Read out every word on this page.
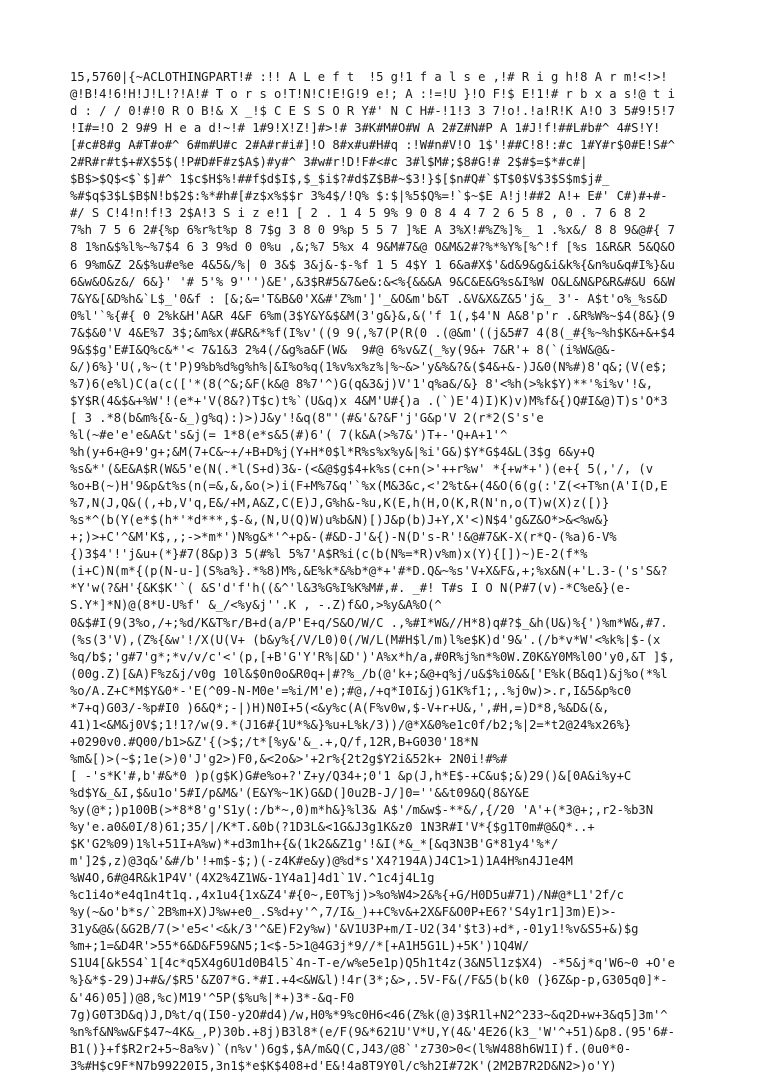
15,5760|{~ACLOTHINGPART!# :!! A L e f t  !5 g!1 f a l s e ,!# R i g h!8 A r m!<!>!
@!B!4!6!H!J!L!?!A!# T o r s o!T!N!C!E!G!9 e!; A :!=!U }!O F!$ E!1!# r b x a s!@ t i
d : / / 0!#!0 R O B!& X _!$ C E S S O R Y#' N C H#-!1!3 3 7!o!.!a!R!K A!O 3 5#9!5!7
!I#=!O 2 9#9 H e a d!~!# 1#9!X!Z!]#>!# 3#K#M#O#W A 2#Z#N#P A 1#J!f!##L#b#^ 4#S!Y!
[#c#8#g A#T#o#^ 6#m#U#c 2#A#r#i#]!O 8#x#u#H#q :!W#n#V!O 1$'!##C!8!:#c 1#Y#r$0#E!S#^
2#R#r#t$+#X$5$(!P#D#F#z$A$)#y#^ 3#w#r!D!F#<#c 3#l$M#;$8#G!# 2$#$=$*#c#|
$B$>$Q$<$`$]#^ 1$c$H$%!##f$d$I$,$_$i$?#d$Z$B#~$3!}$[$n#Q#`$T$0$V$3$S$m$j#_
%#$q$3$L$B$N!b$2$:%*#h#[#z$x%$$r 3%4$/!Q% $:$|%5$Q%=!`$~$E A!j!##2 A!+ E#' C#)#+#-
#/ S C!4!n!f!3 2$A!3 S i z e!1 [ 2 . 1 4 5 9% 9 0 8 4 4 7 2 6 5 8 , 0 . 7 6 8 2
7%h 7 5 6 2#{%p 6%r%t%p 8 7$g 3 8 0 9%p 5 5 7 ]%E A 3%X!#%Z%]%_ 1 .%x&/ 8 8 9&@#{ 7
8 1%n&$%l%~%7$4 6 3 9%d 0 0%u ,&;%7 5%x 4 9&M#7&@ O&M&2#?%*%Y%[%^!f [%s 1&R&R 5&Q&O
6 9%m&Z 2&$%u#e%e 4&5&/%| 0 3&$ 3&j&-$-%f 1 5 4$Y 1 6&a#X$'&d&9&g&i&k%{&n%u&q#I%}&u
6&w&O&z&/ 6&}' '# 5'% 9''')&E',&3$R#5&7&e&:&<%{&&&A 9&C&E&G%s&I%W O&L&N&P&R&#&U 6&W
7&Y&[&D%h&`L$_'0&f : [&;&='T&B&0'X&#'Z%m']'_&O&m'b&T .&V&X&Z&5'j&_ 3'- A$t'o%_%s&D
0%l'`%{#{ 0 2%k&H'A&R 4&F 6%m(3$Y&Y&$&M(3'g&}&,&('f 1(,$4'N A&8'p'r .&R%W%~$4(8&}(9
7&$&0'V 4&E%7 3$;&m%x(#&R&*%f(I%v'((9 9(,%7(P(R(0 .(@&m'((j&5#7 4(8(_#{%~%h$K&+&+$4
9&$$g'E#I&Q%c&*'< 7&1&3 2%4(/&g%a&F(W&  9#@ 6%v&Z(_%y(9&+ 7&R'+ 8(`(i%W&@&-
&/)6%}'U(,%~(t'P)9%b%d%g%h%|&I%o%q(1%v%x%z%|%~&>'y&%&?&($4&+&-)J&0(N%#)8'q&;(V(e$;
%7)6(e%l)C(a(c(['*(8(^&;&F(k&@ 8%7'^)G(q&3&j)V'1'q%a&/&} 8'<%h(>%k$Y)**'%i%v'!&,
$Y$R(4&$&+%W'!(e*+'V(8&?)T$c)t%`(U&q)x 4&M'U#{)a .(`)E'4)I)K)v)M%f&{)Q#I&@)T)s'O*3
[ 3 .*8(b&m%{&-&_)g%q):)>)J&y'!&q(8"'(#&'&?&F'j'G&p'V 2(r*2(S's'e
%l(~#e'e'e&A&t's&j(= 1*8(e*s&5(#)6'( 7(k&A(>%7&')T+-'Q+A+1'^
%h(y+6+@+9'g+;&M(7+C&~+/+B+D%j(Y+H*0$l*R%s%x%y&|%i'G&)$Y*G$4&L(3$g 6&y+Q
%s&*'(&E&A$R(W&5'e(N(.*l(S+d)3&-(<&@$g$4+k%s(c+n(>'++r%w' *{+w*+')(e+{ 5(,'/, (v
%o+B(~)H'9&p&t%s(n(=&,&,&o(>)i(F+M%7&q'`%x(M&3&c,<'2%t&+(4&O(6(g(:'Z(<+T%n(A'I(D,E
%7,N(J,Q&((,+b,V'q,E&/+M,A&Z,C(E)J,G%h&-%u,K(E,h(H,O(K,R(N'n,o(T)w(X)z([)}
%s*^(b(Y(e*$(h*'*d***,$-&,(N,U(Q)W)u%b&N)[)J&p(b)J+Y,X'<)N$4'g&Z&O*>&<%w&}
+;)>+C'^&M'K$,,;->*m*')N%g&*'^+p&-(#&D-J'&{)-N(D's-R'!&@#7&K-X(r*Q-(%a)6-V%
{)3$4'!'j&u+(*}#7(8&p)3 5(#%l 5%7'A$R%i(c(b(N%=*R)v%m)x(Y){[])~)E-2(f*%
(i+C)N(m*{(p(N-u-](S%a%}.*%8)M%,&E%k*&%b*@*+'#*D.Q&~%s'V+X&F&,+;%x&N(+'L.3-('s'S&?
*Y'w(?&H'{&K$K'`( &S'd'f'h((&^'l&3%G%I%K%M#,#. _#! T#s I O N(P#7(v)-*C%e&}(e-
S.Y*]*N)@(8*U-U%f' &_/<%y&j''.K , -.Z)f&O,>%y&A%O(^
0&$#I(9(3%o,/+;%d/K&T%r/B+d(a/P'E+q/S&O/W/C .,%#I*W&//H*8)q#?$_&h(U&)%{')%m*W&,#7.
(%s(3'V),(Z%{&w'!/X(U(V+ (b&y%{/V/L0)0(/W/L(M#H$l/m)l%e$K)d'9&'.(/b*v*W'<%k%|$-(x
%q/b$;'g#7'g*;*v/v/c'<'(p,[+B'G'Y'R%|&D')'A%x*h/a,#0R%j%n*%0W.Z0K&Y0M%l0O'y0,&T ]$,
(00g.Z)[&A)F%z&j/v0g 10l&$0n0o&R0q+|#?%_/b(@'k+;&@+q%j/u&$%i0&&['E%k(B&q1)&j%o(*%l
%o/A.Z+C*M$Y&0*-'E(^09-N-M0e'=%i/M'e);#@,/+q*I0I&j)G1K%f1;,.%j0w)>.r,I&5&p%c0
*7+q)G03/-%p#I0 )6&Q*;-|)H)N0I+5(<&y%c(A(F%v0w,$-V+r+U&,',#H,=)D*8,%&D&(&,
41)1<&M&j0V$;1!1?/w(9.*(J16#{1U*%&}%u+L%k/3))/@*X&0%e1c0f/b2;%|2=*t2@24%x26%}
+0290v0.#Q00/b1>&Z'{(>$;/t*[%y&'&_.+,Q/f,12R,B+G030'18*N
%m&[)>(~$;1e(>)0'J'g2>)F0,&<2o&>'+2r%{2t2g$Y2i&52k+ 2N0i!#%#
[ -'s*K'#,b'#&*0 )p(g$K)G#e%o+?'Z+y/Q34+;0'1 &p(J,h*E$-+C&u$;&)29()&[0A&i%y+C
%d$Y&_&I,$&u1o'5#I/p&M&'(E&Y%~1K)G&D(]0u2B-J/]0=''&&t09&Q(8&Y&E
%y(@*;)p100B(>*8*8'g'S1y(:/b*~,0)m*h&}%l3& A$'/m&w$-**&/,{/20 'A'+(*3@+;,r2-%b3N
%y'e.a0&0I/8)61;35/|/K*T.&0b(?1D3L&<1G&J3g1K&z0 1N3R#I'V*{$g1T0m#@&Q*..+
$K'G2%09)1%l+51I+A%w)*+d3m1h+{&(1k2&&Z1g'!&I(*&_*[&q3N3B'G*81y4'%*/
m']2$,z)@3q&'&#/b'!+m$-$;)(-z4K#e&y)@%d*s'X4?194A)J4C1>1)1A4H%n4J1e4M
%W4O,6#@4R&k1P4V'(4X2%4Z1W&-1Y4a1]4d1`1V.^1c4j4L1g
%c1i4o*e4q1n4t1q.,4x1u4{1x&Z4'#{0~,E0T%j)>%o%W4>2&%{+G/H0D5u#71)/N#@*L1'2f/c
%y(~&o'b*s/`2B%m+X)J%w+e0_.S%d+y'^,7/I&_)++C%v&+2X&F&O0P+E6?'S4y1r1]3m)E)>-
31y&@&(&G2B/7(>'e5<'<&k/3'^&E)F2y%w)'&V1U3P+m/I-U2(34'$t3)+d*,-01y1!%v&S5+&)$g
%m+;1=&D4R'>55*6&D&F59&N5;1<$-5>1@4G3j*9//*[+A1H5G1L)+5K')1Q4W/
S1U4[&k5S4`1[4c*q5X4g6U1d0B4l5`4n-T-e/w%e5e1p)Q5h1t4z(3&N5l1z$X4) -*5&j*q'W6~0 +O'e
%}&*$-29)J+#&/$R5'&Z07*G.*#I.+4<&W&l)!4r(3*;&>,.5V-F&(/F&5(b(k0 (}6Z&p-p,G305q0]*-
&'46)05])@8,%c)M19'^5P($%u%|*+)3*-&q-F0
7g)G0T3D&q)J,D%t/q(I50-y2O#d4)/w,H0%*9%c0H6<46(Z%k(@)3$R1l+N2^233~&q2D+w+3&q5]3m'^
%n%f&N%w&F$47~4K&_,P)30b.+8j)B3l8*(e/F(9&*621U'V*U,Y(4&'4E26(k3_'W'^+51)&p8.(95'6#-
B1()}+f$R2r2+5~8a%v)`(n%v')6g$,$A/m&Q(C,J43/@8`'z730>0<(l%W488h6W1I)f.(0u0*0-
3%#H$c9F*N7b99220I5,3n1$*e$K$408+d'E&!4a8T9Y0l/c%h2I#72K'(2M2B7R2D&N2>)o'Y)
